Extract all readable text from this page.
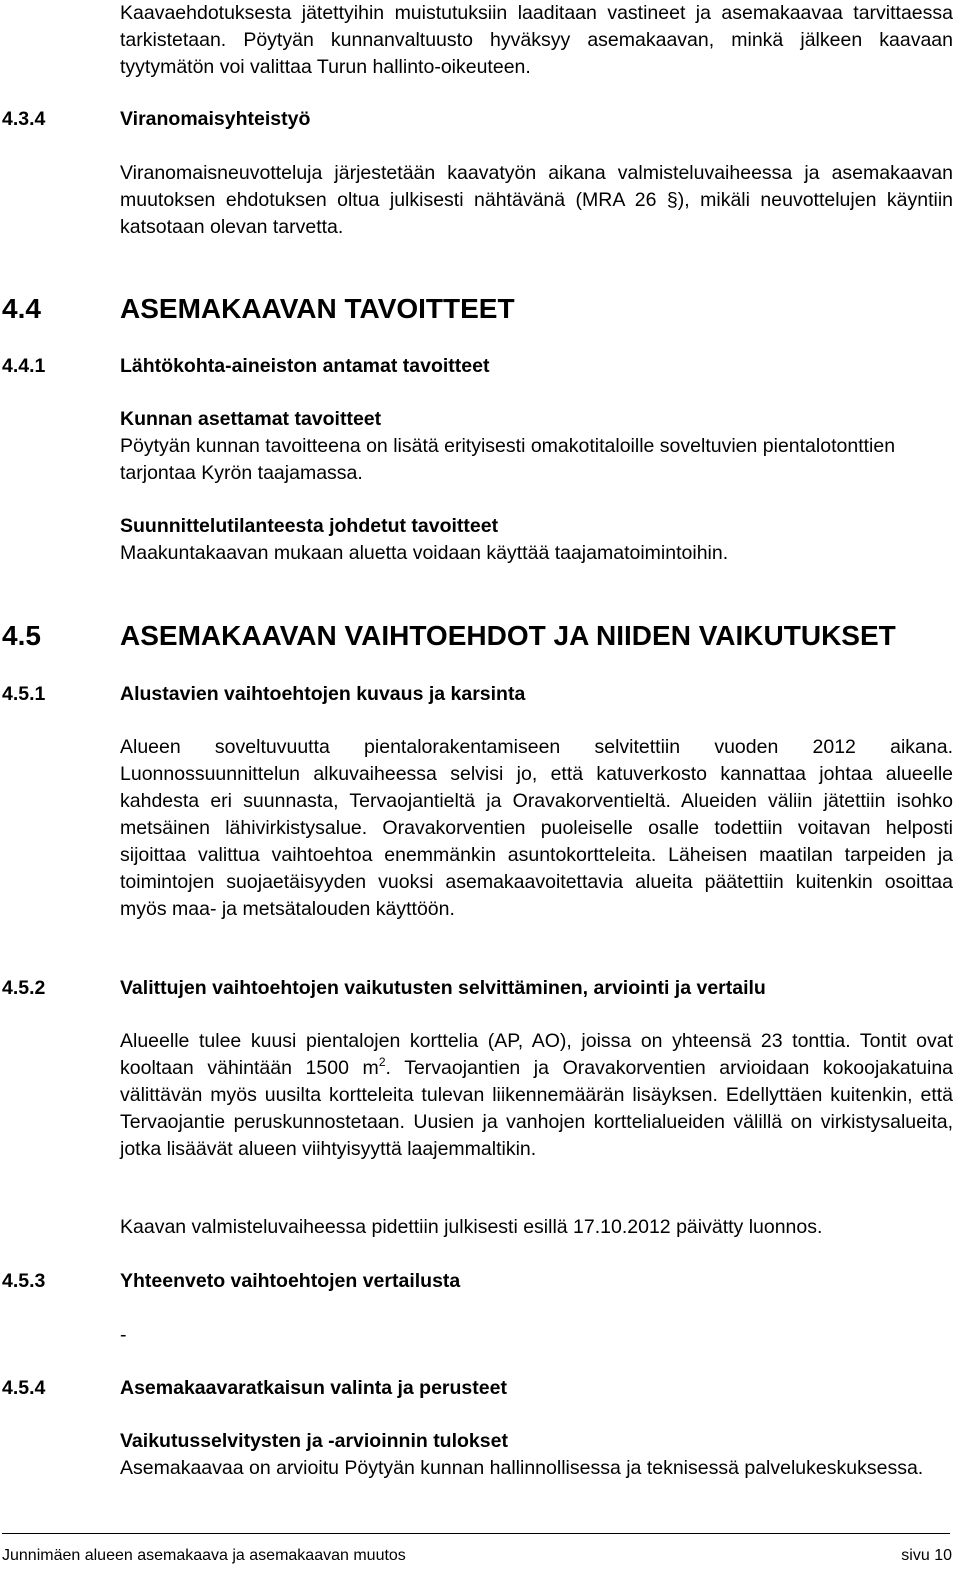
Kaavaehdotuksesta jätettyihin muistutuksiin laaditaan vastineet ja asemakaavaa tarvittaessa tarkistetaan. Pöytyän kunnanvaltuusto hyväksyy asemakaavan, minkä jälkeen kaavaan tyytymätön voi valittaa Turun hallinto-oikeuteen.

4.3.4	Viranomaisyhteistyö

Viranomaisneuvotteluja järjestetään kaavatyön aikana valmisteluvaiheessa ja asemakaavan muutoksen ehdotuksen oltua julkisesti nähtävänä (MRA 26 §), mikäli neuvottelujen käyntiin katsotaan olevan tarvetta.

4.4	ASEMAKAAVAN TAVOITTEET
4.4.1	Lähtökohta-aineiston antamat tavoitteet
Kunnan asettamat tavoitteet

Pöytyän kunnan tavoitteena on lisätä erityisesti omakotitaloille soveltuvien pientalotonttien tarjontaa Kyrön taajamassa.

Suunnittelutilanteesta johdetut tavoitteet

Maakuntakaavan mukaan aluetta voidaan käyttää taajamatoimintoihin.

4.5	ASEMAKAAVAN VAIHTOEHDOT JA NIIDEN VAIKUTUKSET
4.5.1	Alustavien vaihtoehtojen kuvaus ja karsinta

Alueen soveltuvuutta pientalorakentamiseen selvitettiin vuoden 2012 aikana. Luonnossuunnittelun alkuvaiheessa selvisi jo, että katuverkosto kannattaa johtaa alueelle kahdesta eri suunnasta, Tervaojantieltä ja Oravakorventieltä. Alueiden väliin jätettiin isohko metsäinen lähivirkistysalue. Oravakorventien puoleiselle osalle todettiin voitavan helposti sijoittaa valittua vaihtoehtoa enemmänkin asuntokortteleita. Läheisen maatilan tarpeiden ja toimintojen suojaetäisyyden vuoksi asemakaavoitettavia alueita päätettiin kuitenkin osoittaa myös maa- ja metsätalouden käyttöön.

4.5.2	Valittujen vaihtoehtojen vaikutusten selvittäminen, arviointi ja vertailu

Alueelle tulee kuusi pientalojen korttelia (AP, AO), joissa on yhteensä 23 tonttia. Tontit ovat kooltaan vähintään 1500 $m^2$. Tervaojantien ja Oravakorventien arvioidaan kokoojakatuina välittävän myös uusilta kortteleita tulevan liikennemäärän lisäyksen. Edellyttäen kuitenkin, että Tervaojantie peruskunnostetaan. Uusien ja vanhojen korttelialueiden välillä on virkistysalueita, jotka lisäävät alueen viihtyisyyttä laajemmaltikin.

Kaavan valmisteluvaiheessa pidettiin julkisesti esillä 17.10.2012 päivätty luonnos.

4.5.3	Yhteenveto vaihtoehtojen vertailusta

-

4.5.4	Asemakaavaratkaisun valinta ja perusteet
Vaikutusselvitysten ja -arvioinnin tulokset

Asemakaavaa on arvioitu Pöytyän kunnan hallinnollisessa ja teknisessä palvelukeskuksessa.

Junnimäen alueen asemakaava ja asemakaavan muutos	sivu 10
